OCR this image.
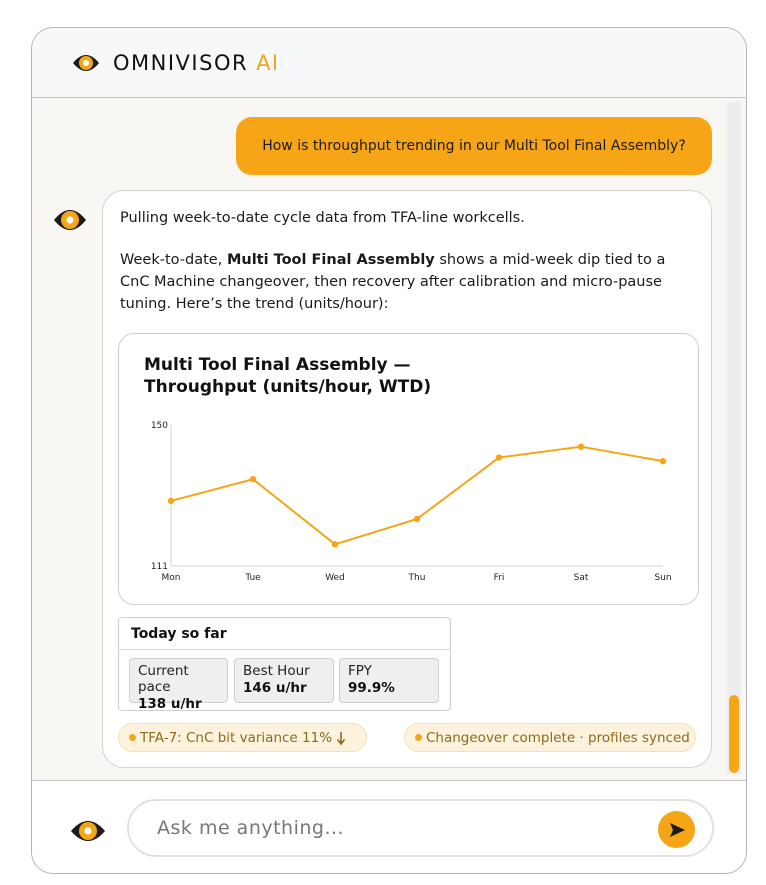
OMNIVISOR AI
How is throughput trending in our Multi Tool Final Assembly?
Pulling week-to-date cycle data from TFA-line workcells.
Week-to-date, Multi Tool Final Assembly shows a mid-week dip tied to a CnC Machine changeover, then recovery after calibration and micro-pause tuning. Here’s the trend (units/hour):
Multi Tool Final Assembly —
Throughput (units/hour, WTD)
150
111
Mon	Tue	Wed	Thu	Fri	Sat	Sun
Today so far
Current pace
138 u/hr
Best Hour
146 u/hr
FPY
99.9%
TFA-7: CnC bit variance 11%	Changeover complete · profiles synced
Ask me anything...
